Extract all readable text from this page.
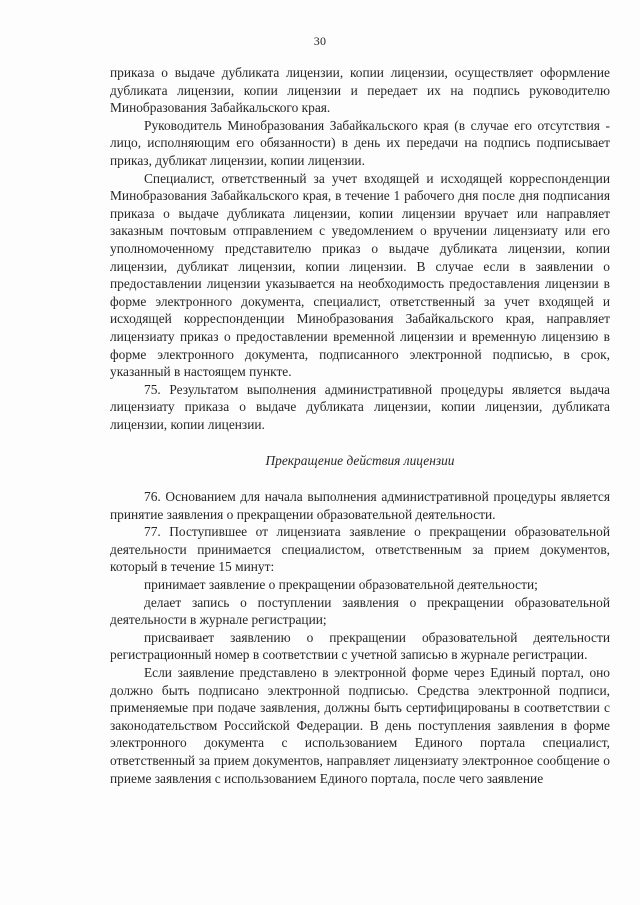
30

приказа о выдаче дубликата лицензии, копии лицензии, осуществляет оформление дубликата лицензии, копии лицензии и передает их на подпись руководителю Минобразования Забайкальского края.

Руководитель Минобразования Забайкальского края (в случае его отсутствия - лицо, исполняющим его обязанности) в день их передачи на подпись подписывает приказ, дубликат лицензии, копии лицензии.

Специалист, ответственный за учет входящей и исходящей корреспонденции Минобразования Забайкальского края, в течение 1 рабочего дня после дня подписания приказа о выдаче дубликата лицензии, копии лицензии вручает или направляет заказным почтовым отправлением с уведомлением о вручении лицензиату или его уполномоченному представителю приказ о выдаче дубликата лицензии, копии лицензии, дубликат лицензии, копии лицензии. В случае если в заявлении о предоставлении лицензии указывается на необходимость предоставления лицензии в форме электронного документа, специалист, ответственный за учет входящей и исходящей корреспонденции Минобразования Забайкальского края, направляет лицензиату приказ о предоставлении временной лицензии и временную лицензию в форме электронного документа, подписанного электронной подписью, в срок, указанный в настоящем пункте.

75. Результатом выполнения административной процедуры является выдача лицензиату приказа о выдаче дубликата лицензии, копии лицензии, дубликата лицензии, копии лицензии.

Прекращение действия лицензии

76. Основанием для начала выполнения административной процедуры является принятие заявления о прекращении образовательной деятельности.

77. Поступившее от лицензиата заявление о прекращении образовательной деятельности принимается специалистом, ответственным за прием документов, который в течение 15 минут:

принимает заявление о прекращении образовательной деятельности;

делает запись о поступлении заявления о прекращении образовательной деятельности в журнале регистрации;

присваивает заявлению о прекращении образовательной деятельности регистрационный номер в соответствии с учетной записью в журнале регистрации.

Если заявление представлено в электронной форме через Единый портал, оно должно быть подписано электронной подписью. Средства электронной подписи, применяемые при подаче заявления, должны быть сертифицированы в соответствии с законодательством Российской Федерации. В день поступления заявления в форме электронного документа с использованием Единого портала специалист, ответственный за прием документов, направляет лицензиату электронное сообщение о приеме заявления с использованием Единого портала, после чего заявление
